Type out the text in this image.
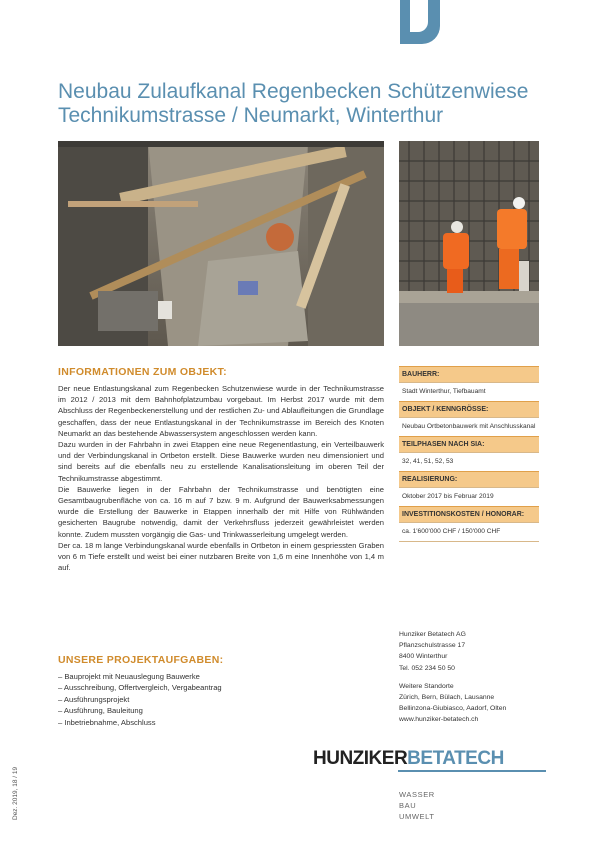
Neubau Zulaufkanal Regenbecken Schützenwiese
Technikumstrasse / Neumarkt, Winterthur
INFORMATIONEN ZUM OBJEKT:

Der neue Entlastungskanal zum Regenbecken Schutzenwiese wurde in der Technikumstrasse im 2012 / 2013 mit dem Bahnhofplatzumbau vorgebaut. Im Herbst 2017 wurde mit dem Abschluss der Regenbeckenerstellung und der restlichen Zu- und Ablaufleitungen die Grundlage geschaffen, dass der neue Entlastungskanal in der Technikumstrasse im Bereich des Knoten Neumarkt an das bestehende Abwassersystem angeschlossen werden kann.

Dazu wurden in der Fahrbahn in zwei Etappen eine neue Regenentlastung, ein Verteilbauwerk und der Verbindungskanal in Ortbeton erstellt. Diese Bauwerke wurden neu dimensioniert und sind bereits auf die ebenfalls neu zu erstellende Kanalisationsleitung im oberen Teil der Technikumstrasse abgestimmt.

Die Bauwerke liegen in der Fahrbahn der Technikumstrasse und benötigten eine Gesamtbaugrubenfläche von ca. 16 m auf 7 bzw. 9 m. Aufgrund der Bauwerksabmessungen wurde die Erstellung der Bauwerke in Etappen innerhalb der mit Hilfe von Rühlwänden gesicherten Baugrube notwendig, damit der Verkehrsfluss jederzeit gewährleistet werden konnte. Zudem mussten vorgängig die Gas- und Trinkwasserleitung umgelegt werden.

Der ca. 18 m lange Verbindungskanal wurde ebenfalls in Ortbeton in einem gespriessten Graben von 6 m Tiefe erstellt und weist bei einer nutzbaren Breite von 1,6 m eine Innenhöhe von 1,4 m auf.

UNSERE PROJEKTAUFGABEN:
– Bauprojekt mit Neuauslegung Bauwerke
– Ausschreibung, Offertvergleich, Vergabeantrag
– Ausführungsprojekt
– Ausführung, Bauleitung
– Inbetriebnahme, Abschluss
BAUHERR:
Stadt Winterthur, Tiefbauamt
OBJEKT / KENNGRÖSSE:
Neubau Ortbetonbauwerk mit Anschlusskanal
TEILPHASEN NACH SIA:
32, 41, 51, 52, 53
REALISIERUNG:
Oktober 2017 bis Februar 2019
INVESTITIONSKOSTEN / HONORAR:
ca. 1'600'000 CHF / 150'000 CHF
Hunziker Betatech AG
Pflanzschulstrasse 17
8400 Winterthur
Tel. 052 234 50 50
Weitere Standorte
Zürich, Bern, Bülach, Lausanne
Bellinzona-Giubiasco, Aadorf, Olten
www.hunziker-betatech.ch
HUNZIKERBETATECH
WASSER
BAU
UMWELT
Dez. 2019, 18 / 19
